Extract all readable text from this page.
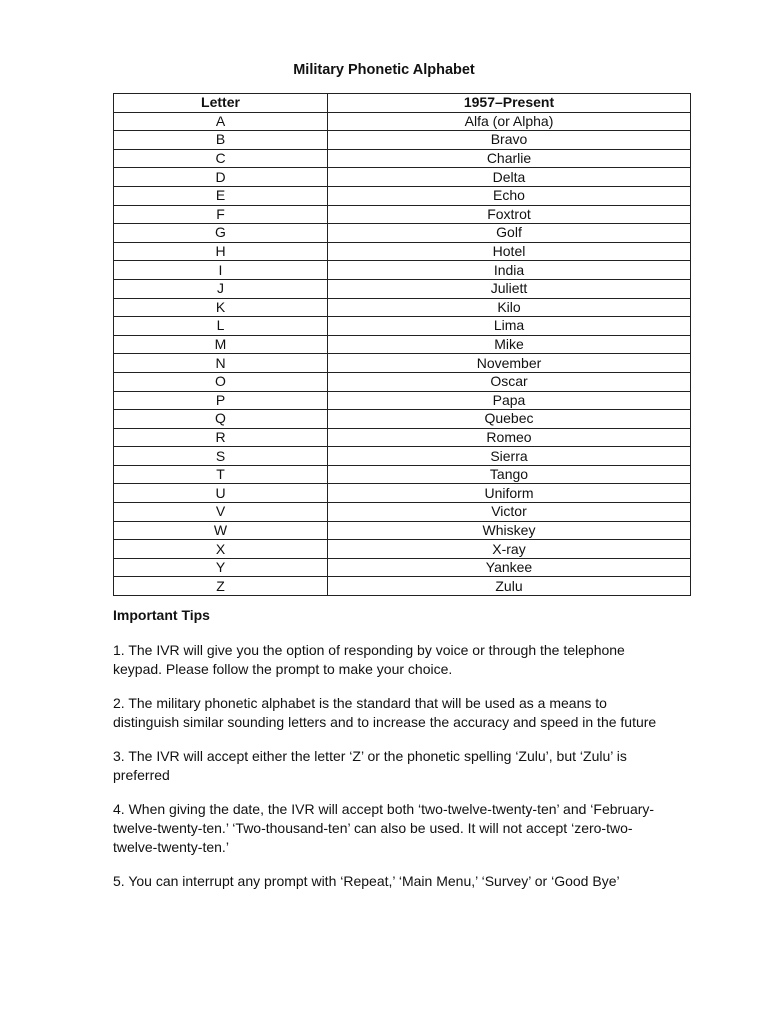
Military Phonetic Alphabet
Letter	1957–Present
A	Alfa (or Alpha)
B	Bravo
C	Charlie
D	Delta
E	Echo
F	Foxtrot
G	Golf
H	Hotel
I	India
J	Juliett
K	Kilo
L	Lima
M	Mike
N	November
O	Oscar
P	Papa
Q	Quebec
R	Romeo
S	Sierra
T	Tango
U	Uniform
V	Victor
W	Whiskey
X	X-ray
Y	Yankee
Z	Zulu
Important Tips

1. The IVR will give you the option of responding by voice or through the telephone keypad. Please follow the prompt to make your choice.

2. The military phonetic alphabet is the standard that will be used as a means to distinguish similar sounding letters and to increase the accuracy and speed in the future

3. The IVR will accept either the letter ‘Z’ or the phonetic spelling ‘Zulu’, but ‘Zulu’ is preferred

4. When giving the date, the IVR will accept both ‘two-twelve-twenty-ten’ and ‘February-twelve-twenty-ten.’ ‘Two-thousand-ten’ can also be used. It will not accept ‘zero-two-twelve-twenty-ten.’

5. You can interrupt any prompt with ‘Repeat,’ ‘Main Menu,’ ‘Survey’ or ‘Good Bye’
